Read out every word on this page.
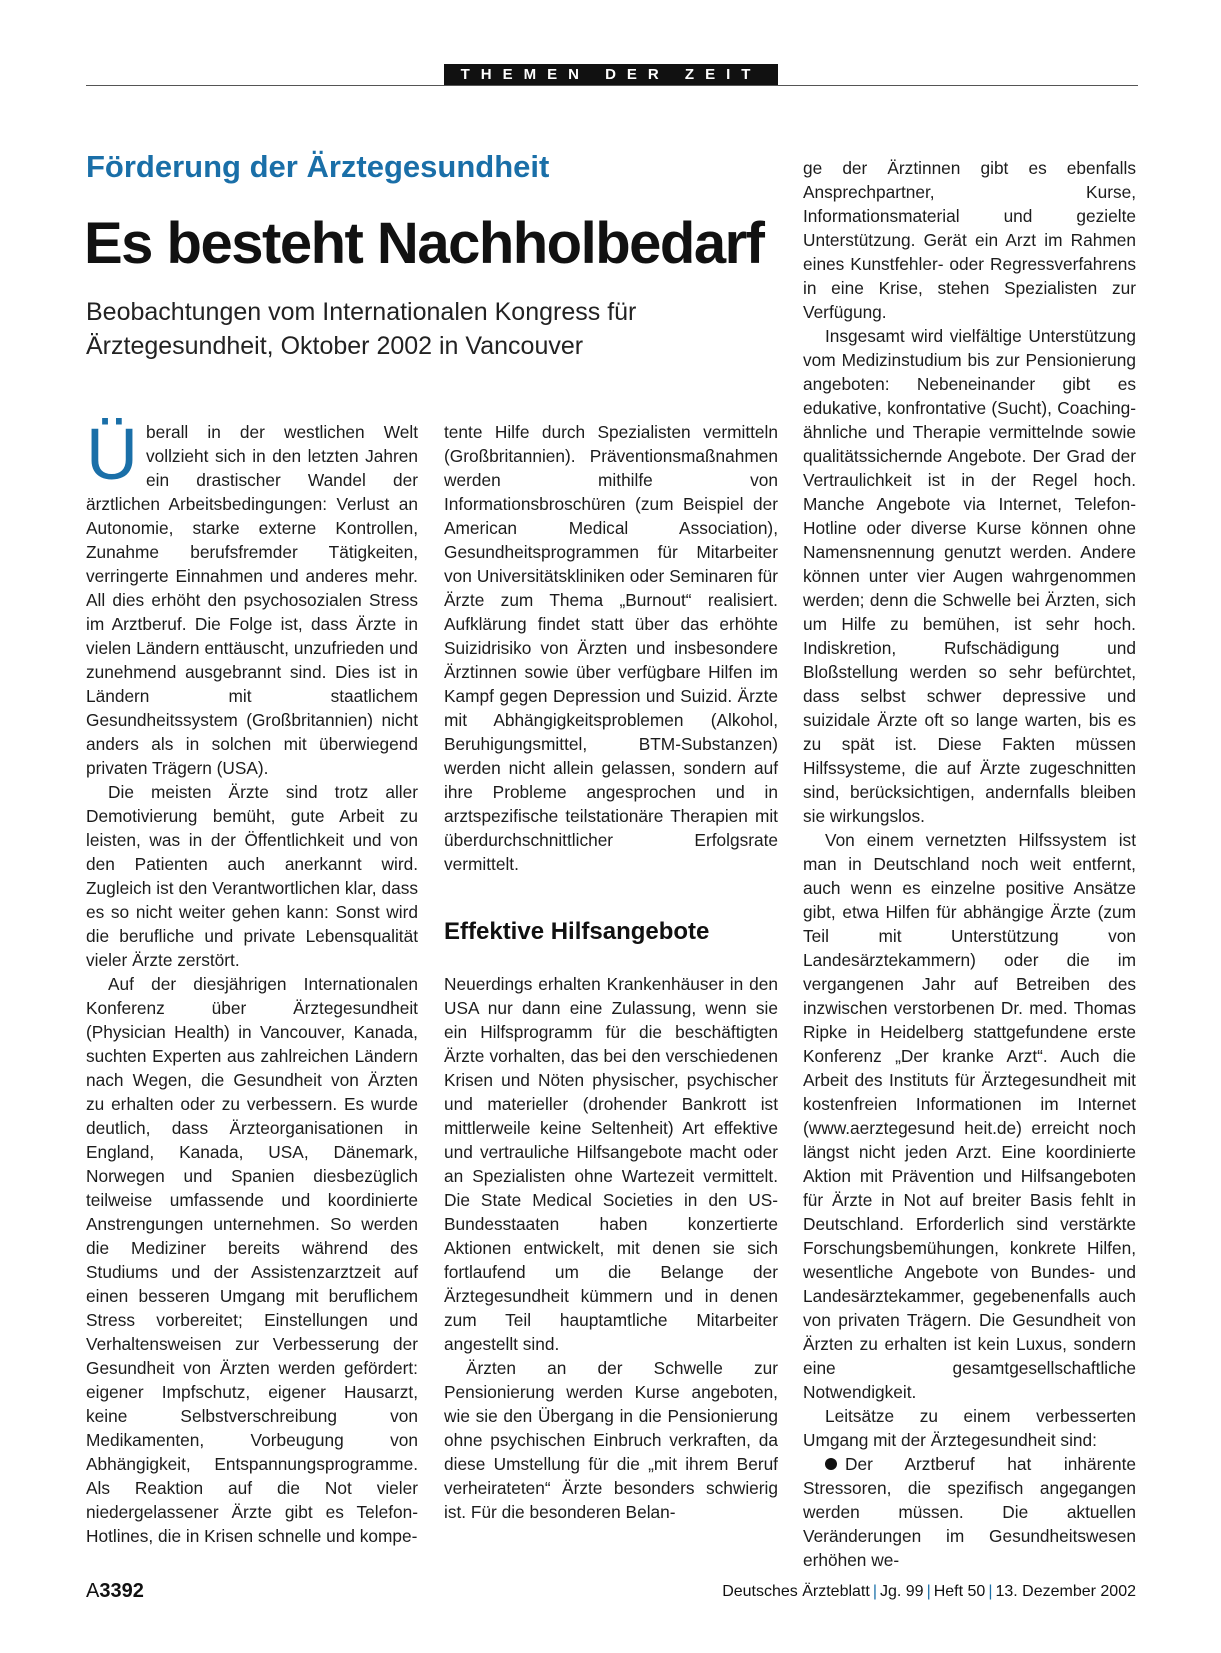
THEMEN DER ZEIT
Förderung der Ärztegesundheit
Es besteht Nachholbedarf
Beobachtungen vom Internationalen Kongress für Ärztegesundheit, Oktober 2002 in Vancouver

Überall in der westlichen Welt vollzieht sich in den letzten Jahren ein drastischer Wandel der ärztlichen Arbeitsbedingungen: Verlust an Autonomie, starke externe Kontrollen, Zunahme berufsfremder Tätigkeiten, verringerte Einnahmen und anderes mehr. All dies erhöht den psychosozialen Stress im Arztberuf. Die Folge ist, dass Ärzte in vielen Ländern enttäuscht, unzufrieden und zunehmend ausgebrannt sind. Dies ist in Ländern mit staatlichem Gesundheitssystem (Großbritannien) nicht anders als in solchen mit überwiegend privaten Trägern (USA).

Die meisten Ärzte sind trotz aller Demotivierung bemüht, gute Arbeit zu leisten, was in der Öffentlichkeit und von den Patienten auch anerkannt wird. Zugleich ist den Verantwortlichen klar, dass es so nicht weiter gehen kann: Sonst wird die berufliche und private Lebensqualität vieler Ärzte zerstört.

Auf der diesjährigen Internationalen Konferenz über Ärztegesundheit (Physician Health) in Vancouver, Kanada, suchten Experten aus zahlreichen Ländern nach Wegen, die Gesundheit von Ärzten zu erhalten oder zu verbessern. Es wurde deutlich, dass Ärzteorganisationen in England, Kanada, USA, Dänemark, Norwegen und Spanien diesbezüglich teilweise umfassende und koordinierte Anstrengungen unternehmen. So werden die Mediziner bereits während des Studiums und der Assistenzarztzeit auf einen besseren Umgang mit beruflichem Stress vorbereitet; Einstellungen und Verhaltensweisen zur Verbesserung der Gesundheit von Ärzten werden gefördert: eigener Impfschutz, eigener Hausarzt, keine Selbstverschreibung von Medikamenten, Vorbeugung von Abhängigkeit, Entspannungsprogramme. Als Reaktion auf die Not vieler niedergelassener Ärzte gibt es Telefon-Hotlines, die in Krisen schnelle und kompe-

tente Hilfe durch Spezialisten vermitteln (Großbritannien). Präventionsmaßnahmen werden mithilfe von Informationsbroschüren (zum Beispiel der American Medical Association), Gesundheitsprogrammen für Mitarbeiter von Universitätskliniken oder Seminaren für Ärzte zum Thema „Burnout“ realisiert. Aufklärung findet statt über das erhöhte Suizidrisiko von Ärzten und insbesondere Ärztinnen sowie über verfügbare Hilfen im Kampf gegen Depression und Suizid. Ärzte mit Abhängigkeitsproblemen (Alkohol, Beruhigungsmittel, BTM-Substanzen) werden nicht allein gelassen, sondern auf ihre Probleme angesprochen und in arztspezifische teilstationäre Therapien mit überdurchschnittlicher Erfolgsrate vermittelt.

Effektive Hilfsangebote

Neuerdings erhalten Krankenhäuser in den USA nur dann eine Zulassung, wenn sie ein Hilfsprogramm für die beschäftigten Ärzte vorhalten, das bei den verschiedenen Krisen und Nöten physischer, psychischer und materieller (drohender Bankrott ist mittlerweile keine Seltenheit) Art effektive und vertrauliche Hilfsangebote macht oder an Spezialisten ohne Wartezeit vermittelt. Die State Medical Societies in den US-Bundesstaaten haben konzertierte Aktionen entwickelt, mit denen sie sich fortlaufend um die Belange der Ärztegesundheit kümmern und in denen zum Teil hauptamtliche Mitarbeiter angestellt sind.

Ärzten an der Schwelle zur Pensionierung werden Kurse angeboten, wie sie den Übergang in die Pensionierung ohne psychischen Einbruch verkraften, da diese Umstellung für die „mit ihrem Beruf verheirateten“ Ärzte besonders schwierig ist. Für die besonderen Belan-

ge der Ärztinnen gibt es ebenfalls Ansprechpartner, Kurse, Informationsmaterial und gezielte Unterstützung. Gerät ein Arzt im Rahmen eines Kunstfehler- oder Regressverfahrens in eine Krise, stehen Spezialisten zur Verfügung.

Insgesamt wird vielfältige Unterstützung vom Medizinstudium bis zur Pensionierung angeboten: Nebeneinander gibt es edukative, konfrontative (Sucht), Coaching-ähnliche und Therapie vermittelnde sowie qualitätssichernde Angebote. Der Grad der Vertraulichkeit ist in der Regel hoch. Manche Angebote via Internet, Telefon-Hotline oder diverse Kurse können ohne Namensnennung genutzt werden. Andere können unter vier Augen wahrgenommen werden; denn die Schwelle bei Ärzten, sich um Hilfe zu bemühen, ist sehr hoch. Indiskretion, Rufschädigung und Bloßstellung werden so sehr befürchtet, dass selbst schwer depressive und suizidale Ärzte oft so lange warten, bis es zu spät ist. Diese Fakten müssen Hilfssysteme, die auf Ärzte zugeschnitten sind, berücksichtigen, andernfalls bleiben sie wirkungslos.

Von einem vernetzten Hilfssystem ist man in Deutschland noch weit entfernt, auch wenn es einzelne positive Ansätze gibt, etwa Hilfen für abhängige Ärzte (zum Teil mit Unterstützung von Landesärztekammern) oder die im vergangenen Jahr auf Betreiben des inzwischen verstorbenen Dr. med. Thomas Ripke in Heidelberg stattgefundene erste Konferenz „Der kranke Arzt“. Auch die Arbeit des Instituts für Ärztegesundheit mit kostenfreien Informationen im Internet (www.aerztegesund heit.de) erreicht noch längst nicht jeden Arzt. Eine koordinierte Aktion mit Prävention und Hilfsangeboten für Ärzte in Not auf breiter Basis fehlt in Deutschland. Erforderlich sind verstärkte Forschungsbemühungen, konkrete Hilfen, wesentliche Angebote von Bundes- und Landesärztekammer, gegebenenfalls auch von privaten Trägern. Die Gesundheit von Ärzten zu erhalten ist kein Luxus, sondern eine gesamtgesellschaftliche Notwendigkeit.

Leitsätze zu einem verbesserten Umgang mit der Ärztegesundheit sind:

Der Arztberuf hat inhärente Stressoren, die spezifisch angegangen werden müssen. Die aktuellen Veränderungen im Gesundheitswesen erhöhen we-

A3392	Deutsches Ärzteblatt | Jg. 99 | Heft 50 | 13. Dezember 2002
